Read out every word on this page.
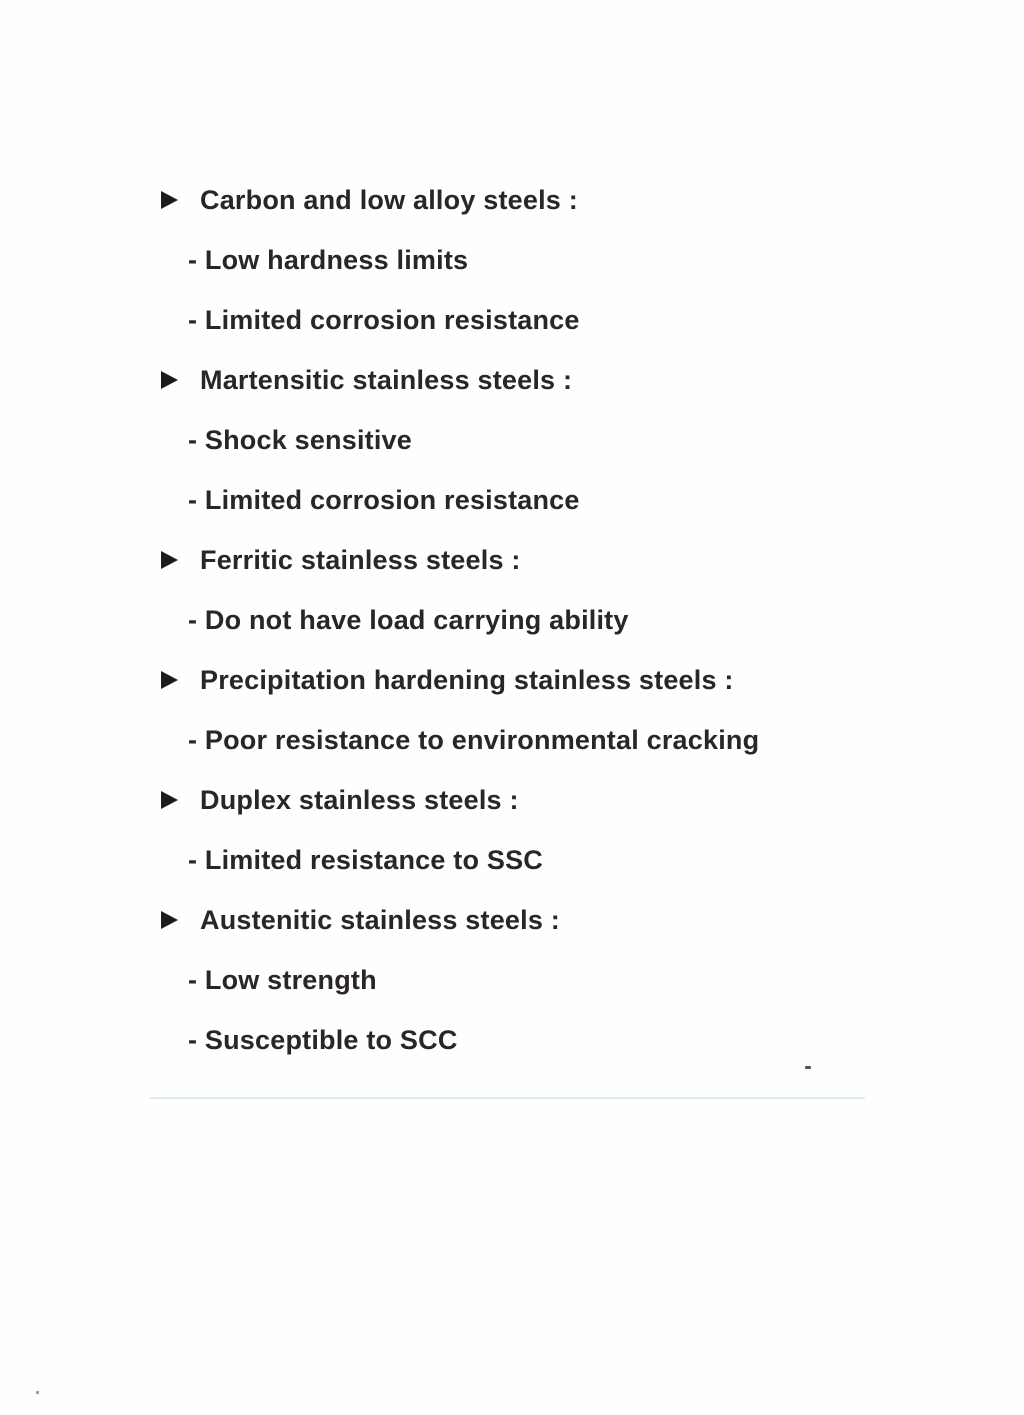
Carbon and low alloy steels :
- Low hardness limits
- Limited corrosion resistance
Martensitic stainless steels :
- Shock sensitive
- Limited corrosion resistance
Ferritic stainless steels :
- Do not have load carrying ability
Precipitation hardening stainless steels :
- Poor resistance to environmental cracking
Duplex stainless steels :
- Limited resistance to SSC
Austenitic stainless steels :
- Low strength
- Susceptible to SCC
